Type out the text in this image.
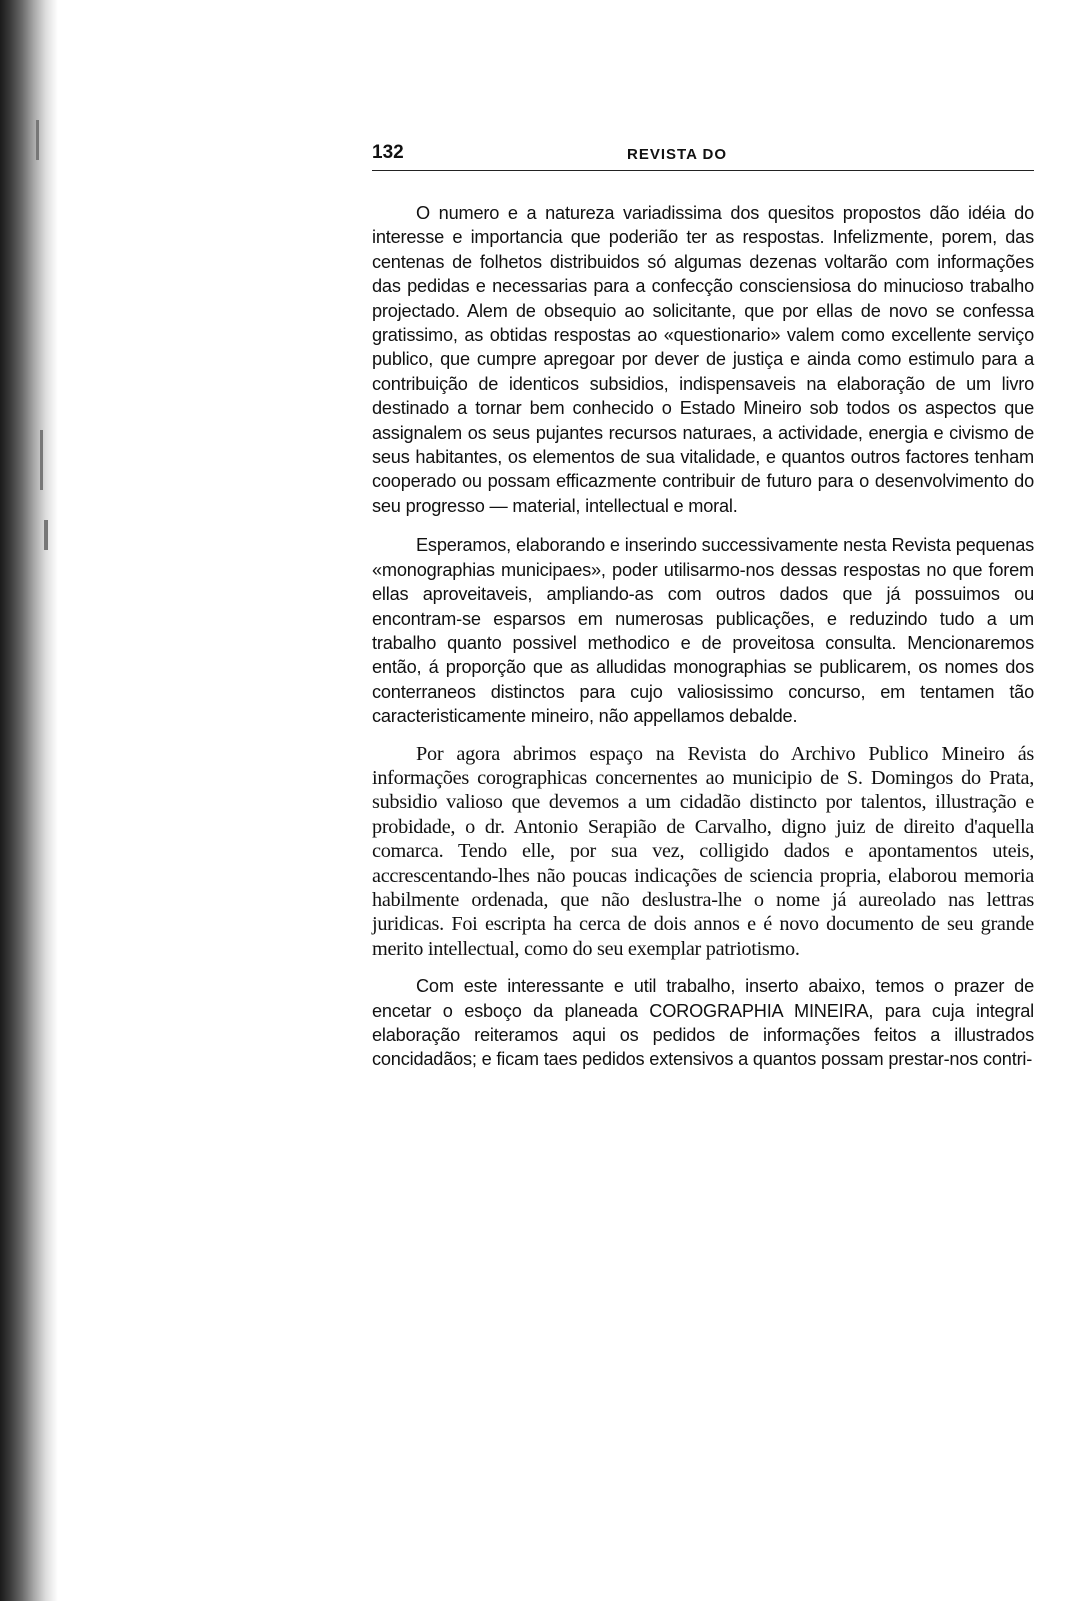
132	REVISTA DO

O numero e a natureza variadissima dos quesitos propostos dão idéia do interesse e importancia que poderião ter as respostas. Infelizmente, porem, das centenas de folhetos distribuidos só algumas dezenas voltarão com informações das pedidas e necessarias para a confecção consciensiosa do minucioso trabalho projectado. Alem de obsequio ao solicitante, que por ellas de novo se confessa gratissimo, as obtidas respostas ao «questionario» valem como excellente serviço publico, que cumpre apregoar por dever de justiça e ainda como estimulo para a contribuição de identicos subsidios, indispensaveis na elaboração de um livro destinado a tornar bem conhecido o Estado Mineiro sob todos os aspectos que assignalem os seus pujantes recursos naturaes, a actividade, energia e civismo de seus habitantes, os elementos de sua vitalidade, e quantos outros factores tenham cooperado ou possam efficazmente contribuir de futuro para o desenvolvimento do seu progresso — material, intellectual e moral.

Esperamos, elaborando e inserindo successivamente nesta Revista pequenas «monographias municipaes», poder utilisarmo-nos dessas respostas no que forem ellas aproveitaveis, ampliando-as com outros dados que já possuimos ou encontram-se esparsos em numerosas publicações, e reduzindo tudo a um trabalho quanto possivel methodico e de proveitosa consulta. Mencionaremos então, á proporção que as alludidas monographias se publicarem, os nomes dos conterraneos distinctos para cujo valiosissimo concurso, em tentamen tão caracteristicamente mineiro, não appellamos debalde.

Por agora abrimos espaço na Revista do Archivo Publico Mineiro ás informações corographicas concernentes ao municipio de S. Domingos do Prata, subsidio valioso que devemos a um cidadão distincto por talentos, illustração e probidade, o dr. Antonio Serapião de Carvalho, digno juiz de direito d'aquella comarca. Tendo elle, por sua vez, colligido dados e apontamentos uteis, accrescentando-lhes não poucas indicações de sciencia propria, elaborou memoria habilmente ordenada, que não deslustra-lhe o nome já aureolado nas lettras juridicas. Foi escripta ha cerca de dois annos e é novo documento de seu grande merito intellectual, como do seu exemplar patriotismo.

Com este interessante e util trabalho, inserto abaixo, temos o prazer de encetar o esboço da planeada COROGRAPHIA MINEIRA, para cuja integral elaboração reiteramos aqui os pedidos de informações feitos a illustrados concidadãos; e ficam taes pedidos extensivos a quantos possam prestar-nos contri-
